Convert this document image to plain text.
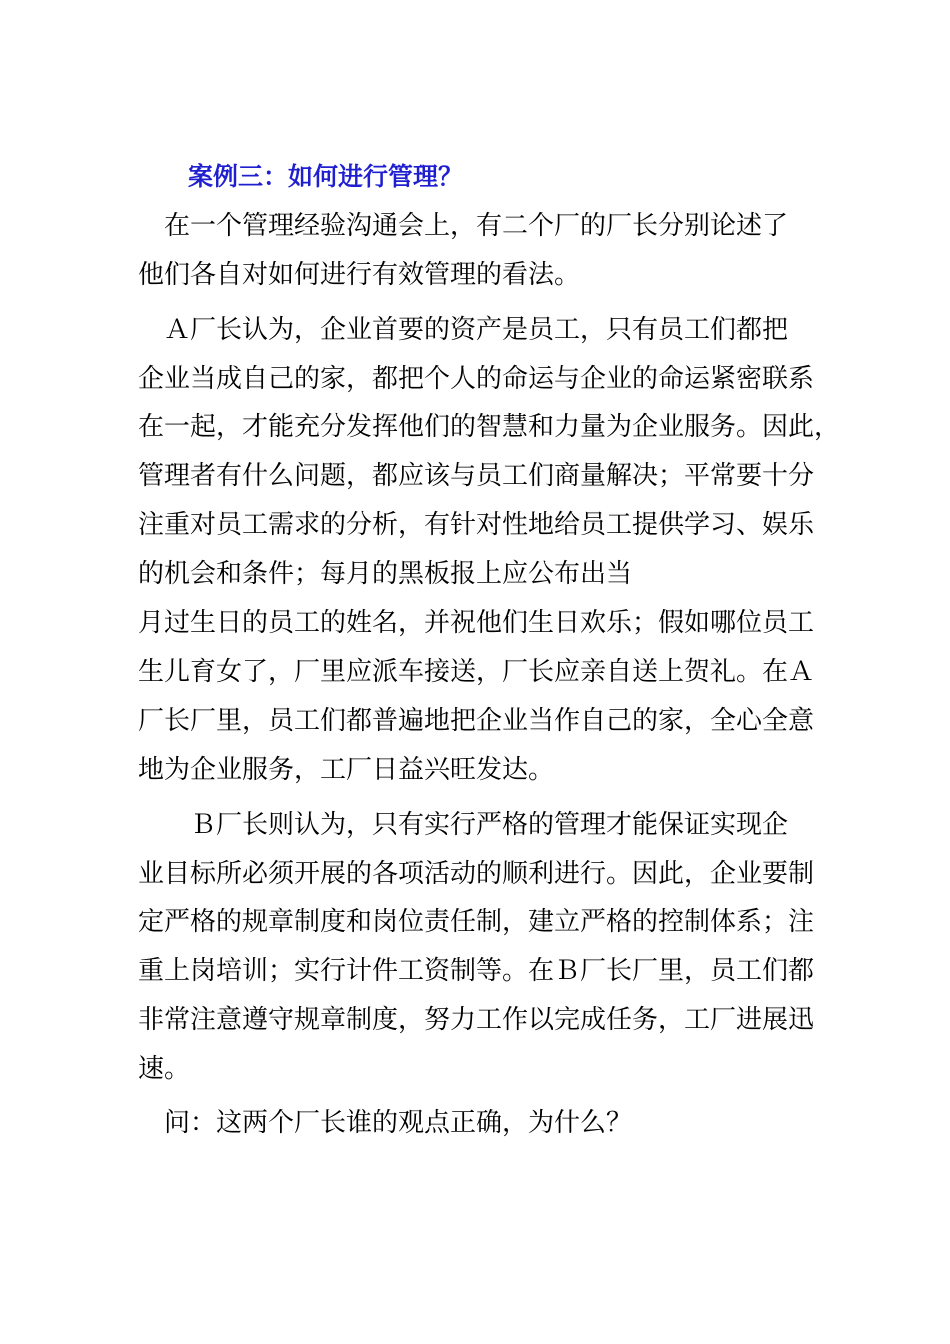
案例三：如何进行管理？

　在一个管理经验沟通会上，有二个厂的厂长分别论述了

他们各自对如何进行有效管理的看法。

　Ａ厂长认为，企业首要的资产是员工，只有员工们都把

企业当成自己的家，都把个人的命运与企业的命运紧密联系

在一起，才能充分发挥他们的智慧和力量为企业服务。因此，

管理者有什么问题，都应该与员工们商量解决；平常要十分

注重对员工需求的分析，有针对性地给员工提供学习、娱乐

的机会和条件；每月的黑板报上应公布出当

月过生日的员工的姓名，并祝他们生日欢乐；假如哪位员工

生儿育女了，厂里应派车接送，厂长应亲自送上贺礼。在Ａ

厂长厂里，员工们都普遍地把企业当作自己的家，全心全意

地为企业服务，工厂日益兴旺发达。

　　Ｂ厂长则认为，只有实行严格的管理才能保证实现企

业目标所必须开展的各项活动的顺利进行。因此，企业要制

定严格的规章制度和岗位责任制，建立严格的控制体系；注

重上岗培训；实行计件工资制等。在Ｂ厂长厂里，员工们都

非常注意遵守规章制度，努力工作以完成任务，工厂进展迅

速。

　问：这两个厂长谁的观点正确，为什么？
